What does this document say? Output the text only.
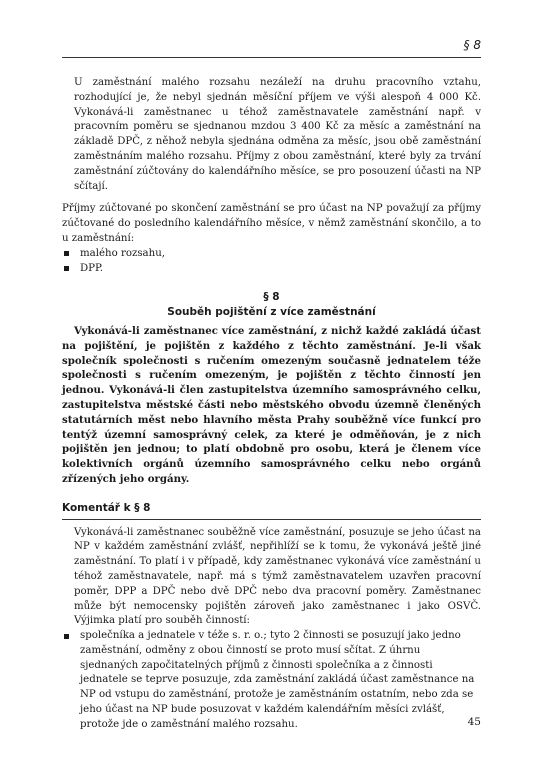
§ 8

U zaměstnání malého rozsahu nezáleží na druhu pracovního vztahu, rozhodující je, že nebyl sjednán měsíční příjem ve výši alespoň 4 000 Kč. Vykonává-li zaměstnanec u téhož zaměstnavatele zaměstnání např. v pracovním poměru se sjednanou mzdou 3 400 Kč za měsíc a zaměstnání na základě DPČ, z něhož nebyla sjednána odměna za měsíc, jsou obě zaměstnání zaměstnáním malého rozsahu. Příjmy z obou zaměstnání, které byly za trvání zaměstnání zúčtovány do kalendářního měsíce, se pro posouzení účasti na NP sčítají.

Příjmy zúčtované po skončení zaměstnání se pro účast na NP považují za příjmy zúčtované do posledního kalendářního měsíce, v němž zaměstnání skončilo, a to u zaměstnání:

malého rozsahu,
DPP.
§ 8
Souběh pojištění z více zaměstnání

Vykonává-li zaměstnanec více zaměstnání, z nichž každé zakládá účast na pojištění, je pojištěn z každého z těchto zaměstnání. Je-li však společník společnosti s ručením omezeným současně jednatelem téže společnosti s ručením omezeným, je pojištěn z těchto činností jen jednou. Vykonává-li člen zastupitelstva územního samosprávného celku, zastupitelstva městské části nebo městského obvodu územně členěných statutárních měst nebo hlavního města Prahy souběžně více funkcí pro tentýž územní samosprávný celek, za které je odměňován, je z nich pojištěn jen jednou; to platí obdobně pro osobu, která je členem více kolektivních orgánů územního samosprávného celku nebo orgánů zřízených jeho orgány.

Komentář k § 8

Vykonává-li zaměstnanec souběžně více zaměstnání, posuzuje se jeho účast na NP v každém zaměstnání zvlášť, nepřihlíží se k tomu, že vykonává ještě jiné zaměstnání. To platí i v případě, kdy zaměstnanec vykonává více zaměstnání u téhož zaměstnavatele, např. má s týmž zaměstnavatelem uzavřen pracovní poměr, DPP a DPČ nebo dvě DPČ nebo dva pracovní poměry. Zaměstnanec může být nemocensky pojištěn zároveň jako zaměstnanec i jako OSVČ. Výjimka platí pro souběh činností:

společníka a jednatele v téže s. r. o.; tyto 2 činnosti se posuzují jako jedno zaměstnání, odměny z obou činností se proto musí sčítat. Z úhrnu sjednaných započitatelných příjmů z činnosti společníka a z činnosti jednatele se teprve posuzuje, zda zaměstnání zakládá účast zaměstnance na NP od vstupu do zaměstnání, protože je zaměstnáním ostatním, nebo zda se jeho účast na NP bude posuzovat v každém kalendářním měsíci zvlášť, protože jde o zaměstnání malého rozsahu.	45
